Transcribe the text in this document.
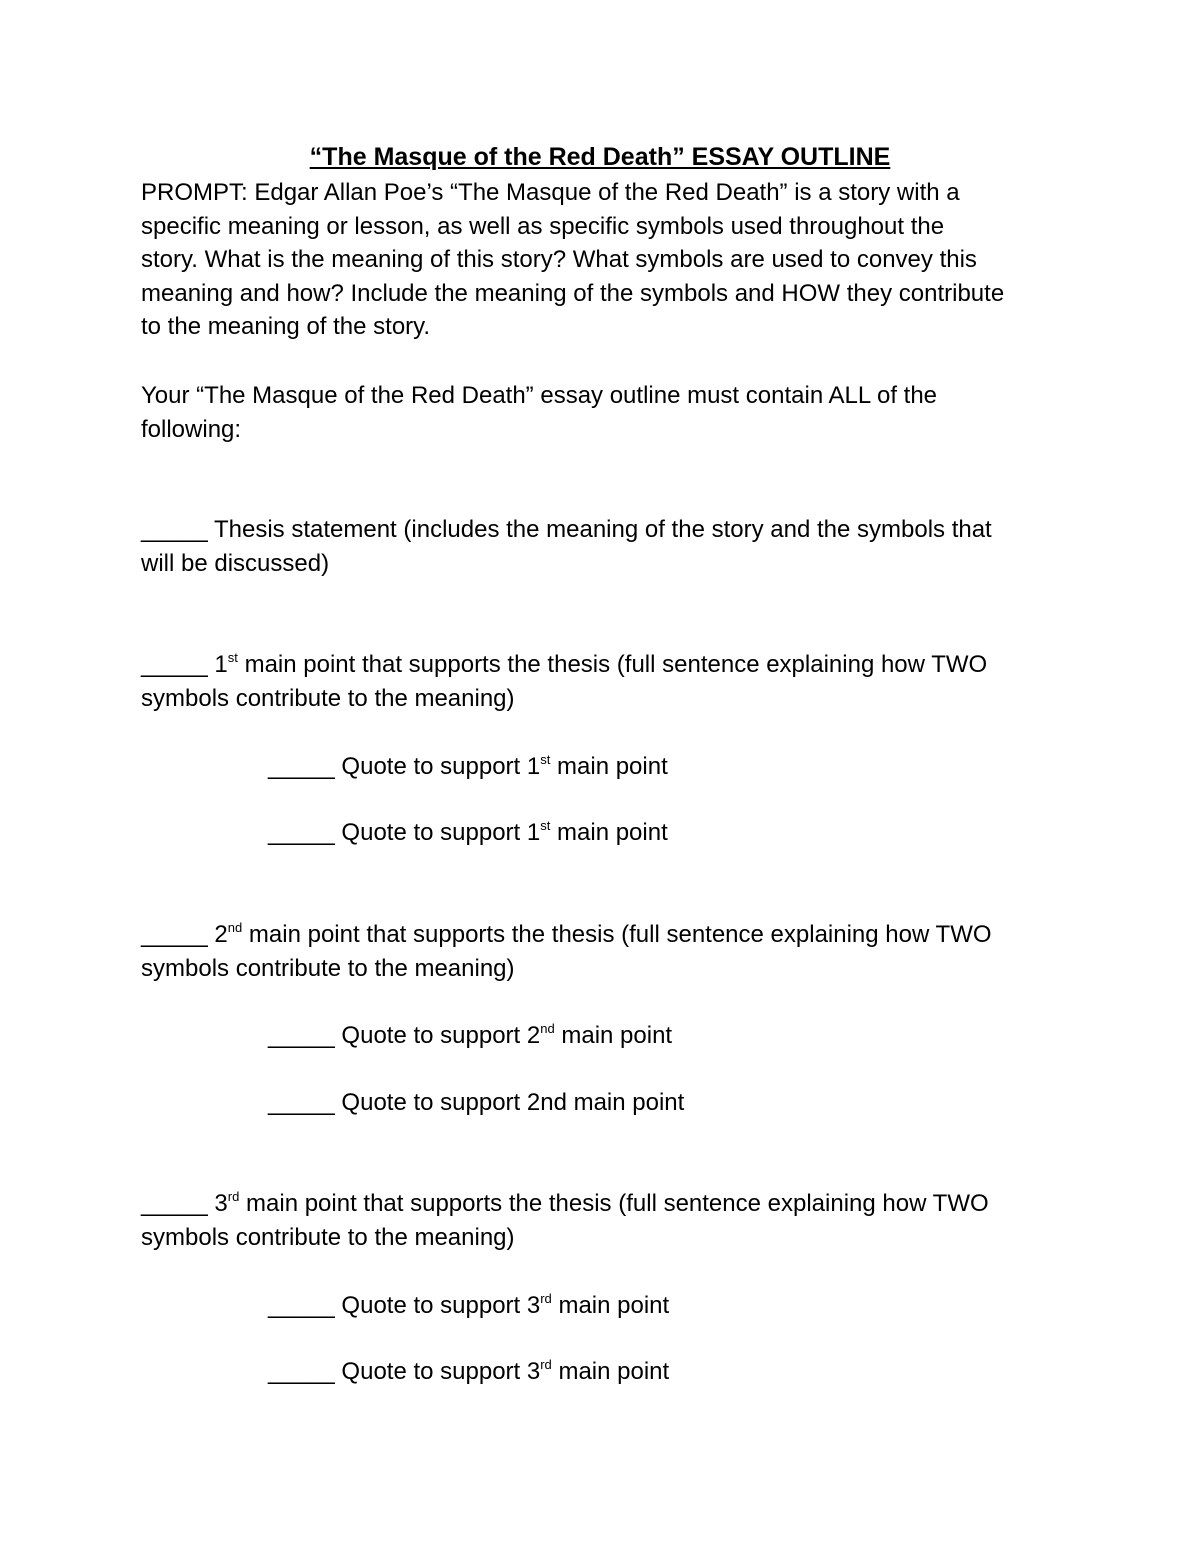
“The Masque of the Red Death” ESSAY OUTLINE
PROMPT: Edgar Allan Poe’s “The Masque of the Red Death” is a story with a
specific meaning or lesson, as well as specific symbols used throughout the
story. What is the meaning of this story? What symbols are used to convey this
meaning and how? Include the meaning of the symbols and HOW they contribute
to the meaning of the story.
Your “The Masque of the Red Death” essay outline must contain ALL of the
following:
_____ Thesis statement (includes the meaning of the story and the symbols that
will be discussed)
_____ 1st main point that supports the thesis (full sentence explaining how TWO
symbols contribute to the meaning)
_____ Quote to support 1st main point
_____ Quote to support 1st main point
_____ 2nd main point that supports the thesis (full sentence explaining how TWO
symbols contribute to the meaning)
_____ Quote to support 2nd main point
_____ Quote to support 2nd main point
_____ 3rd main point that supports the thesis (full sentence explaining how TWO
symbols contribute to the meaning)
_____ Quote to support 3rd main point
_____ Quote to support 3rd main point
